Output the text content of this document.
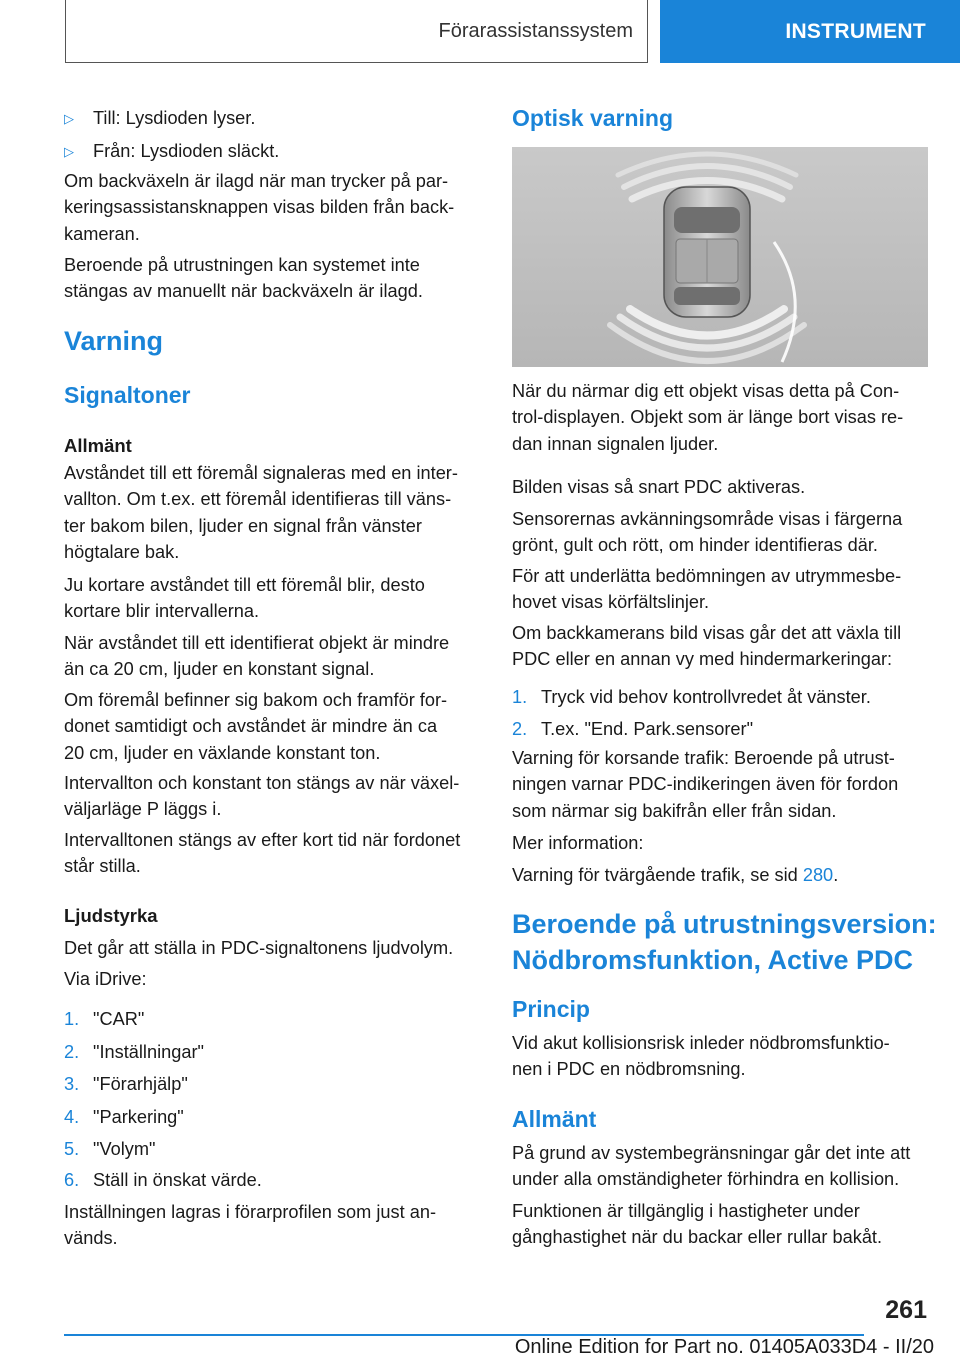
Förarassistanssystem	INSTRUMENT
▷ Till: Lysdioden lyser.
▷ Från: Lysdioden släckt.
Om backväxeln är ilagd när man trycker på par-
keringsassistansknappen visas bilden från back-
kameran.
Beroende på utrustningen kan systemet inte
stängas av manuellt när backväxeln är ilagd.
Varning
Signaltoner
Allmänt
Avståndet till ett föremål signaleras med en inter-
vallton. Om t.ex. ett föremål identifieras till väns-
ter bakom bilen, ljuder en signal från vänster
högtalare bak.
Ju kortare avståndet till ett föremål blir, desto
kortare blir intervallerna.
När avståndet till ett identifierat objekt är mindre
än ca 20 cm, ljuder en konstant signal.
Om föremål befinner sig bakom och framför for-
donet samtidigt och avståndet är mindre än ca
20 cm, ljuder en växlande konstant ton.
Intervallton och konstant ton stängs av när växel-
väljarläge P läggs i.
Intervalltonen stängs av efter kort tid när fordonet
står stilla.
Ljudstyrka
Det går att ställa in PDC-signaltonens ljudvolym.
Via iDrive:
1. "CAR"
2. "Inställningar"
3. "Förarhjälp"
4. "Parkering"
5. "Volym"
6. Ställ in önskat värde.
Inställningen lagras i förarprofilen som just an-
vänds.
Optisk varning
När du närmar dig ett objekt visas detta på Con-
trol-displayen. Objekt som är länge bort visas re-
dan innan signalen ljuder.
Bilden visas så snart PDC aktiveras.
Sensorernas avkänningsområde visas i färgerna
grönt, gult och rött, om hinder identifieras där.
För att underlätta bedömningen av utrymmesbe-
hovet visas körfältslinjer.
Om backkamerans bild visas går det att växla till
PDC eller en annan vy med hindermarkeringar:
1. Tryck vid behov kontrollvredet åt vänster.
2. T.ex. "End. Park.sensorer"
Varning för korsande trafik: Beroende på utrust-
ningen varnar PDC-indikeringen även för fordon
som närmar sig bakifrån eller från sidan.
Mer information:
Varning för tvärgående trafik, se sid 280.
Beroende på utrustningsversion:
Nödbromsfunktion, Active PDC
Princip
Vid akut kollisionsrisk inleder nödbromsfunktio-
nen i PDC en nödbromsning.
Allmänt
På grund av systembegränsningar går det inte att
under alla omständigheter förhindra en kollision.
Funktionen är tillgänglig i hastigheter under
gånghastighet när du backar eller rullar bakåt.
261
Online Edition for Part no. 01405A033D4 - II/20
